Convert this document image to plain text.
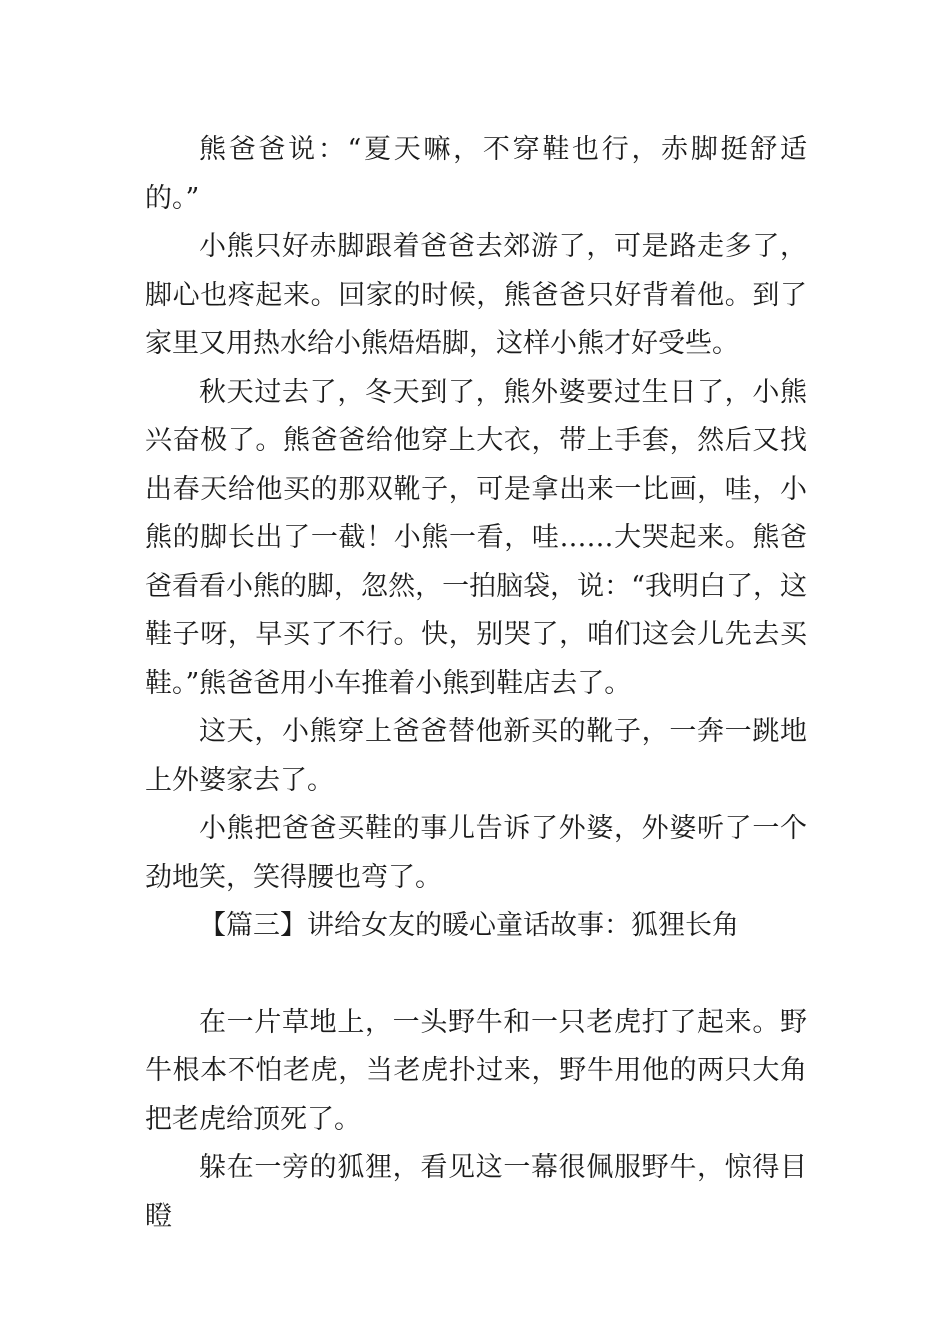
熊爸爸说：“夏天嘛，不穿鞋也行，赤脚挺舒适的。”

小熊只好赤脚跟着爸爸去郊游了，可是路走多了，脚心也疼起来。回家的时候，熊爸爸只好背着他。到了家里又用热水给小熊焐焐脚，这样小熊才好受些。

秋天过去了，冬天到了，熊外婆要过生日了，小熊兴奋极了。熊爸爸给他穿上大衣，带上手套，然后又找出春天给他买的那双靴子，可是拿出来一比画，哇，小熊的脚长出了一截！小熊一看，哇……大哭起来。熊爸爸看看小熊的脚，忽然，一拍脑袋，说：“我明白了，这鞋子呀，早买了不行。快，别哭了，咱们这会儿先去买鞋。”熊爸爸用小车推着小熊到鞋店去了。

这天，小熊穿上爸爸替他新买的靴子，一奔一跳地上外婆家去了。

小熊把爸爸买鞋的事儿告诉了外婆，外婆听了一个劲地笑，笑得腰也弯了。

【篇三】讲给女友的暖心童话故事：狐狸长角

在一片草地上，一头野牛和一只老虎打了起来。野牛根本不怕老虎，当老虎扑过来，野牛用他的两只大角把老虎给顶死了。

躲在一旁的狐狸，看见这一幕很佩服野牛，惊得目瞪
